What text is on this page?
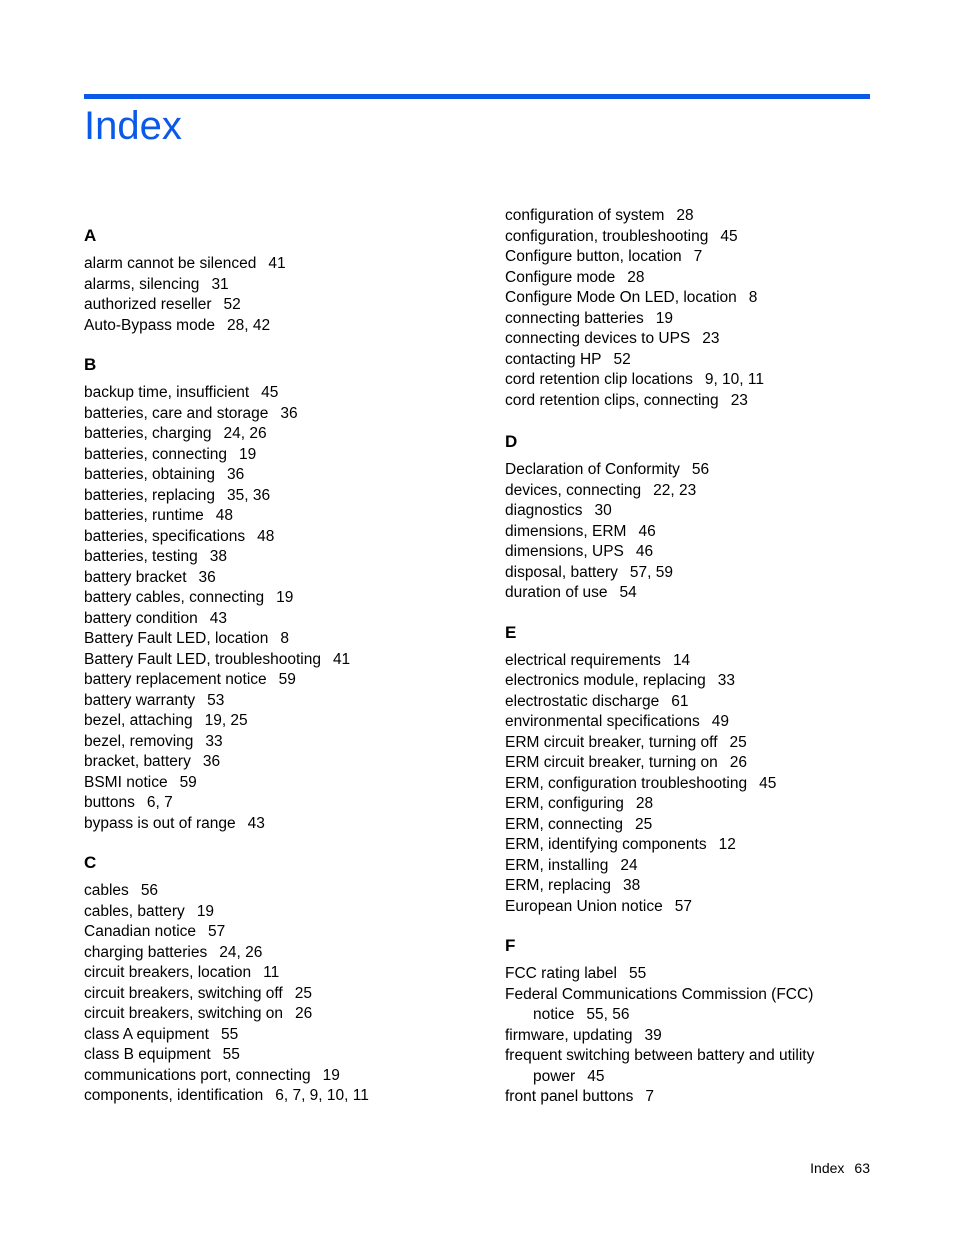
Index
A
alarm cannot be silenced 41
alarms, silencing 31
authorized reseller 52
Auto-Bypass mode 28, 42
B
backup time, insufficient 45
batteries, care and storage 36
batteries, charging 24, 26
batteries, connecting 19
batteries, obtaining 36
batteries, replacing 35, 36
batteries, runtime 48
batteries, specifications 48
batteries, testing 38
battery bracket 36
battery cables, connecting 19
battery condition 43
Battery Fault LED, location 8
Battery Fault LED, troubleshooting 41
battery replacement notice 59
battery warranty 53
bezel, attaching 19, 25
bezel, removing 33
bracket, battery 36
BSMI notice 59
buttons 6, 7
bypass is out of range 43
C
cables 56
cables, battery 19
Canadian notice 57
charging batteries 24, 26
circuit breakers, location 11
circuit breakers, switching off 25
circuit breakers, switching on 26
class A equipment 55
class B equipment 55
communications port, connecting 19
components, identification 6, 7, 9, 10, 11
configuration of system 28
configuration, troubleshooting 45
Configure button, location 7
Configure mode 28
Configure Mode On LED, location 8
connecting batteries 19
connecting devices to UPS 23
contacting HP 52
cord retention clip locations 9, 10, 11
cord retention clips, connecting 23
D
Declaration of Conformity 56
devices, connecting 22, 23
diagnostics 30
dimensions, ERM 46
dimensions, UPS 46
disposal, battery 57, 59
duration of use 54
E
electrical requirements 14
electronics module, replacing 33
electrostatic discharge 61
environmental specifications 49
ERM circuit breaker, turning off 25
ERM circuit breaker, turning on 26
ERM, configuration troubleshooting 45
ERM, configuring 28
ERM, connecting 25
ERM, identifying components 12
ERM, installing 24
ERM, replacing 38
European Union notice 57
F
FCC rating label 55
Federal Communications Commission (FCC) notice 55, 56
firmware, updating 39
frequent switching between battery and utility power 45
front panel buttons 7
Index 63
